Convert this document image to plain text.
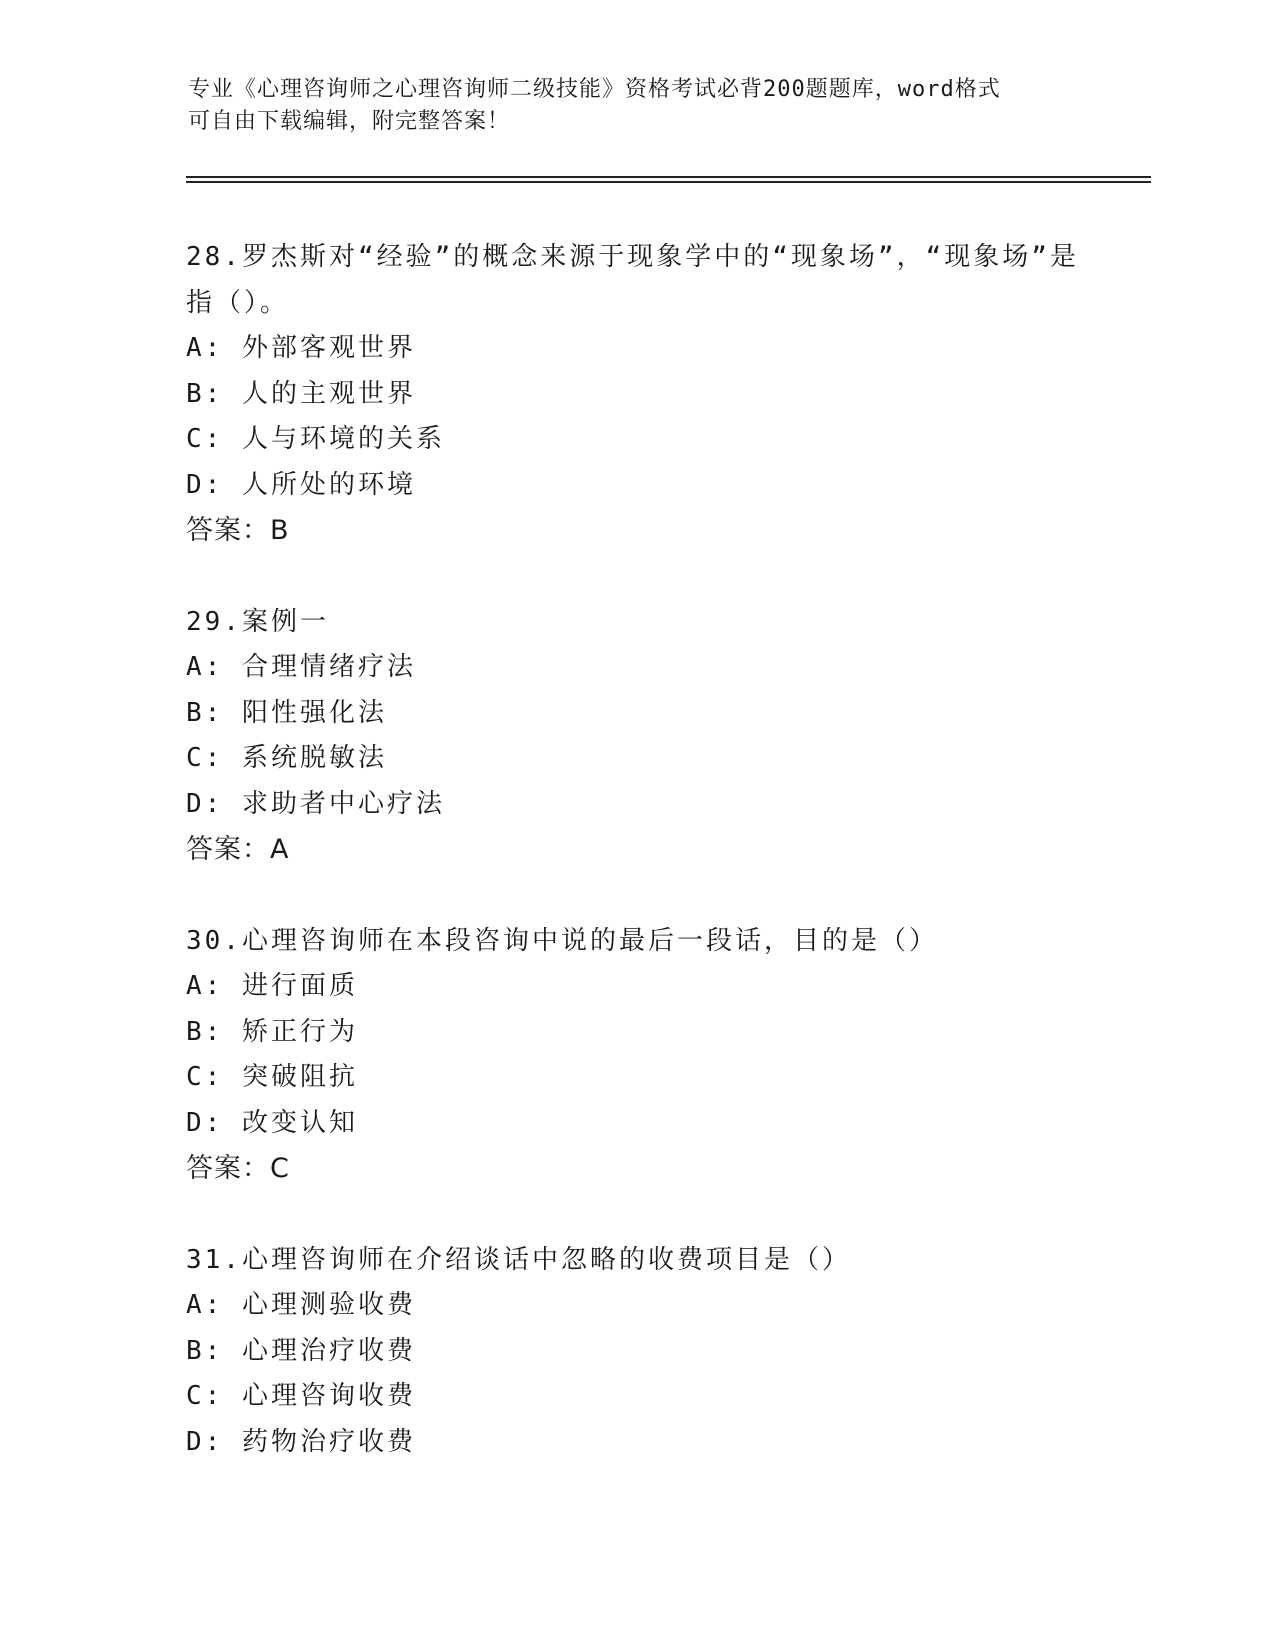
专业《心理咨询师之心理咨询师二级技能》资格考试必背200题题库，word格式
可自由下载编辑，附完整答案！
28.罗杰斯对“经验”的概念来源于现象学中的“现象场”，“现象场”是指（）。
A: 外部客观世界
B: 人的主观世界
C: 人与环境的关系
D: 人所处的环境
答案：B
29.案例一
A: 合理情绪疗法
B: 阳性强化法
C: 系统脱敏法
D: 求助者中心疗法
答案：A
30.心理咨询师在本段咨询中说的最后一段话，目的是（）
A: 进行面质
B: 矫正行为
C: 突破阻抗
D: 改变认知
答案：C
31.心理咨询师在介绍谈话中忽略的收费项目是（）
A: 心理测验收费
B: 心理治疗收费
C: 心理咨询收费
D: 药物治疗收费
